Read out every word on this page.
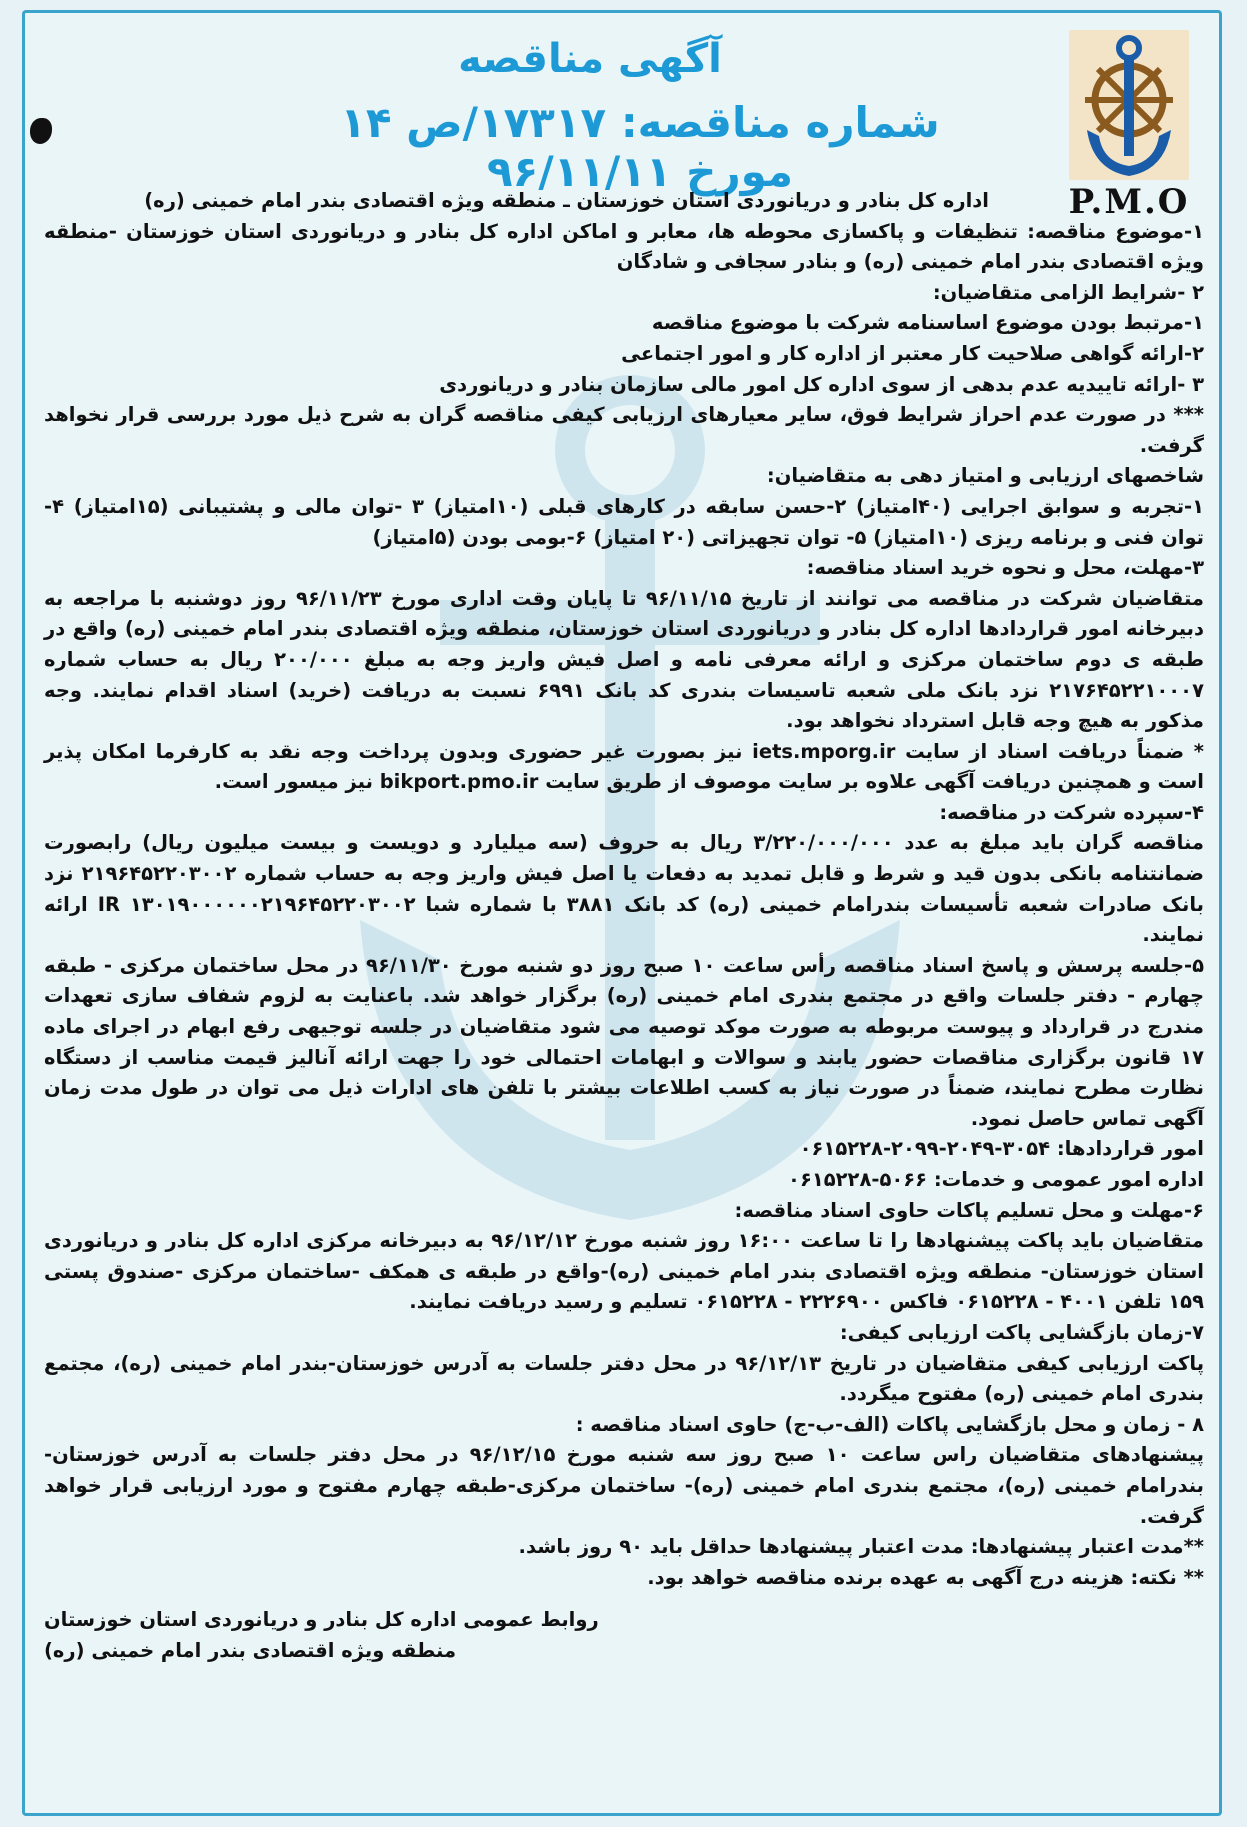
P.M.O
آگهی مناقصه
شماره مناقصه: ۱۷۳۱۷/ص ۱۴ مورخ ۹۶/۱۱/۱۱

اداره کل بنادر و دریانوردی استان خوزستان ـ منطقه ویژه اقتصادی بندر امام خمینی (ره)

۱-موضوع مناقصه: تنظیفات و پاکسازی محوطه ها، معابر و اماکن اداره کل بنادر و دریانوردی استان خوزستان -منطقه ویژه اقتصادی بندر امام خمینی (ره) و بنادر سجافی و شادگان

۲ -شرایط الزامی متقاضیان:

۱-مرتبط بودن موضوع اساسنامه شرکت با موضوع مناقصه

۲-ارائه گواهی صلاحیت کار معتبر از اداره کار و امور اجتماعی

۳ -ارائه تاییدیه عدم بدهی از سوی اداره کل امور مالی سازمان بنادر و دریانوردی

*** در صورت عدم احراز شرایط فوق، سایر معیارهای ارزیابی کیفی مناقصه گران به شرح ذیل مورد بررسی قرار نخواهد گرفت.

شاخصهای ارزیابی و امتیاز دهی به متقاضیان:

۱-تجربه و سوابق اجرایی (۴۰امتیاز) ۲-حسن سابقه در کارهای قبلی (۱۰امتیاز) ۳ -توان مالی و پشتیبانی (۱۵امتیاز) ۴- توان فنی و برنامه ریزی (۱۰امتیاز) ۵- توان تجهیزاتی (۲۰ امتیاز) ۶-بومی بودن (۵امتیاز)

۳-مهلت، محل و نحوه خرید اسناد مناقصه:

متقاضیان شرکت در مناقصه می توانند از تاریخ ۹۶/۱۱/۱۵ تا پایان وقت اداری مورخ ۹۶/۱۱/۲۳ روز دوشنبه با مراجعه به دبیرخانه امور قراردادها اداره کل بنادر و دریانوردی استان خوزستان، منطقه ویژه اقتصادی بندر امام خمینی (ره) واقع در طبقه ی دوم ساختمان مرکزی و ارائه معرفی نامه و اصل فیش واریز وجه به مبلغ ۲۰۰/۰۰۰ ریال به حساب شماره ۲۱۷۶۴۵۲۲۱۰۰۰۷ نزد بانک ملی شعبه تاسیسات بندری کد بانک ۶۹۹۱ نسبت به دریافت (خرید) اسناد اقدام نمایند. وجه مذکور به هیچ وجه قابل استرداد نخواهد بود.

* ضمناً دریافت اسناد از سایت iets.mporg.ir نیز بصورت غیر حضوری وبدون پرداخت وجه نقد به کارفرما امکان پذیر است و همچنین دریافت آگهی علاوه بر سایت موصوف از طریق سایت bikport.pmo.ir نیز میسور است.

۴-سپرده شرکت در مناقصه:

مناقصه گران باید مبلغ به عدد ۳/۲۲۰/۰۰۰/۰۰۰ ریال به حروف (سه میلیارد و دویست و بیست میلیون ریال) رابصورت ضمانتنامه بانکی بدون قید و شرط و قابل تمدید به دفعات یا اصل فیش واریز وجه به حساب شماره ۲۱۹۶۴۵۲۲۰۳۰۰۲ نزد بانک صادرات شعبه تأسیسات بندرامام خمینی (ره) کد بانک ۳۸۸۱ با شماره شبا IR ۱۳۰۱۹۰۰۰۰۰۰۲۱۹۶۴۵۲۲۰۳۰۰۲ ارائه نمایند.

۵-جلسه پرسش و پاسخ اسناد مناقصه رأس ساعت ۱۰ صبح روز دو شنبه مورخ ۹۶/۱۱/۳۰ در محل ساختمان مرکزی - طبقه چهارم - دفتر جلسات واقع در مجتمع بندری امام خمینی (ره) برگزار خواهد شد. باعنایت به لزوم شفاف سازی تعهدات مندرج در قرارداد و پیوست مربوطه به صورت موکد توصیه می شود متقاضیان در جلسه توجیهی رفع ابهام در اجرای ماده ۱۷ قانون برگزاری مناقصات حضور یابند و سوالات و ابهامات احتمالی خود را جهت ارائه آنالیز قیمت مناسب از دستگاه نظارت مطرح نمایند، ضمناً در صورت نیاز به کسب اطلاعات بیشتر با تلفن های ادارات ذیل می توان در طول مدت زمان آگهی تماس حاصل نمود.

امور قراردادها: ۳۰۵۴-۲۰۴۹-۲۰۹۹-۰۶۱۵۲۲۸

اداره امور عمومی و خدمات: ۵۰۶۶-۰۶۱۵۲۲۸

۶-مهلت و محل تسلیم پاکات حاوی اسناد مناقصه:

متقاضیان باید پاکت پیشنهادها را تا ساعت ۱۶:۰۰ روز شنبه مورخ ۹۶/۱۲/۱۲ به دبیرخانه مرکزی اداره کل بنادر و دریانوردی استان خوزستان- منطقه ویژه اقتصادی بندر امام خمینی (ره)-واقع در طبقه ی همکف -ساختمان مرکزی -صندوق پستی ۱۵۹ تلفن ۴۰۰۱ - ۰۶۱۵۲۲۸ فاکس ۲۲۲۶۹۰۰ - ۰۶۱۵۲۲۸ تسلیم و رسید دریافت نمایند.

۷-زمان بازگشایی پاکت ارزیابی کیفی:

پاکت ارزیابی کیفی متقاضیان در تاریخ ۹۶/۱۲/۱۳ در محل دفتر جلسات به آدرس خوزستان-بندر امام خمینی (ره)، مجتمع بندری امام خمینی (ره) مفتوح میگردد.

۸ - زمان و محل بازگشایی پاکات (الف-ب-ج) حاوی اسناد مناقصه :

پیشنهادهای متقاضیان راس ساعت ۱۰ صبح روز سه شنبه مورخ ۹۶/۱۲/۱۵ در محل دفتر جلسات به آدرس خوزستان- بندرامام خمینی (ره)، مجتمع بندری امام خمینی (ره)- ساختمان مرکزی-طبقه چهارم مفتوح و مورد ارزیابی قرار خواهد گرفت.

**مدت اعتبار پیشنهادها: مدت اعتبار پیشنهادها حداقل باید ۹۰ روز باشد.

** نکته: هزینه درج آگهی به عهده برنده مناقصه خواهد بود.

روابط عمومی اداره کل بنادر و دریانوردی استان خوزستان

منطقه ویژه اقتصادی بندر امام خمینی (ره)
